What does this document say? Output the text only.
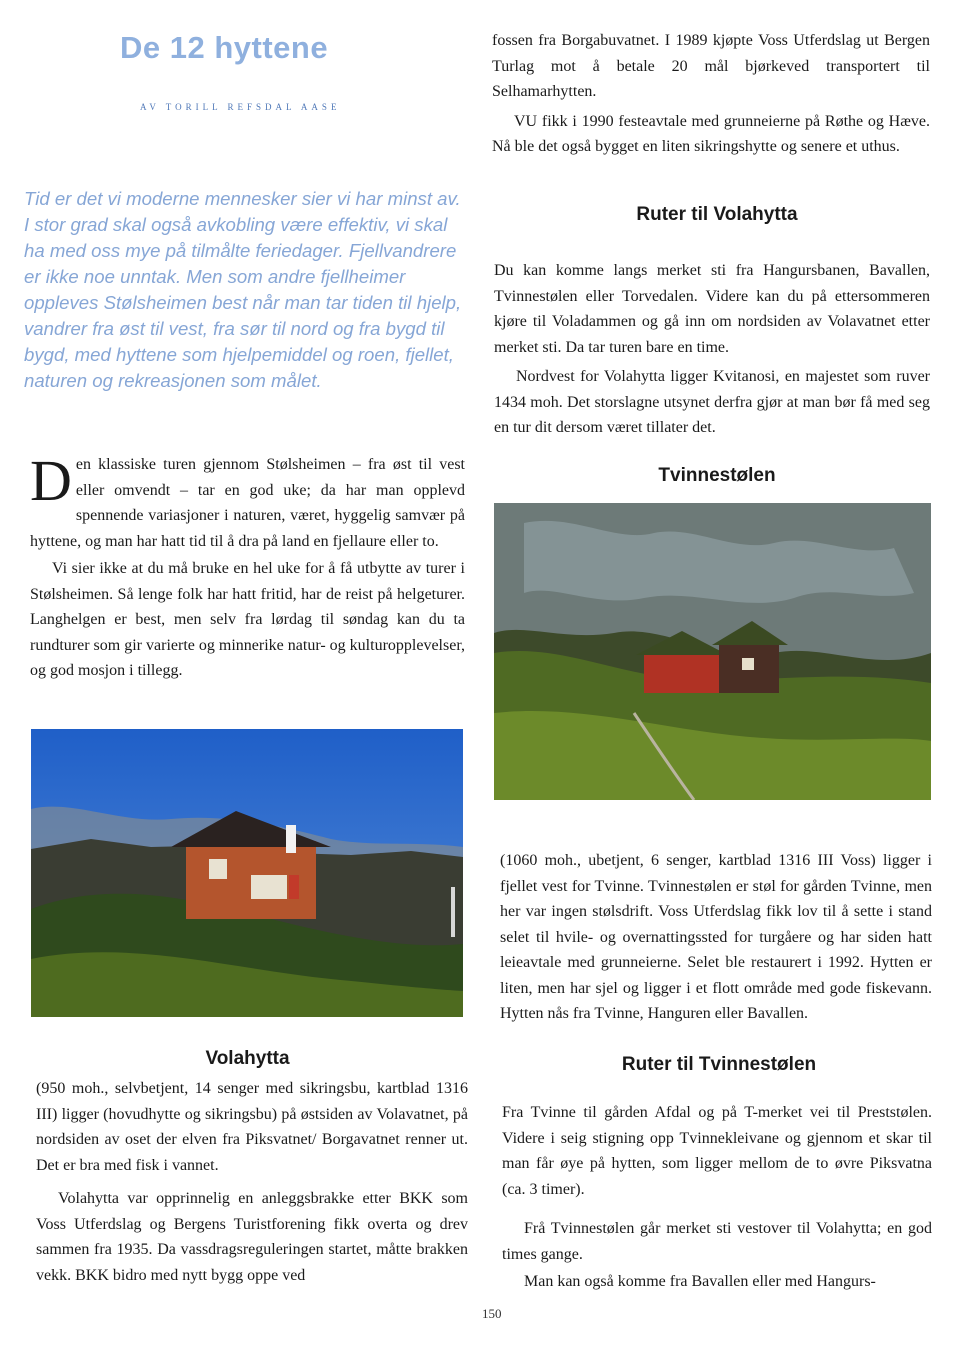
De 12 hyttene
AV TORILL REFSDAL AASE
Tid er det vi moderne mennesker sier vi har minst av. I stor grad skal også avkobling være effektiv, vi skal ha med oss mye på tilmålte feriedager. Fjellvandrere er ikke noe unntak. Men som andre fjellheimer oppleves Stølsheimen best når man tar tiden til hjelp, vandrer fra øst til vest, fra sør til nord og fra bygd til bygd, med hyttene som hjelpemiddel og roen, fjellet, naturen og rekreasjonen som målet.

Den klassiske turen gjennom Stølsheimen – fra øst til vest eller omvendt – tar en god uke; da har man opplevd spennende variasjoner i naturen, været, hyggelig samvær på hyttene, og man har hatt tid til å dra på land en fjellaure eller to.

Vi sier ikke at du må bruke en hel uke for å få utbytte av turer i Stølsheimen. Så lenge folk har hatt fritid, har de reist på helgeturer. Langhelgen er best, men selv fra lørdag til søndag kan du ta rundturer som gir varierte og minnerike natur- og kulturopplevelser, og god mosjon i tillegg.

Volahytta

(950 moh., selvbetjent, 14 senger med sikringsbu, kartblad 1316 III) ligger (hovudhytte og sikringsbu) på østsiden av Volavatnet, på nordsiden av oset der elven fra Piksvatnet/ Borgavatnet renner ut. Det er bra med fisk i vannet.

Volahytta var opprinnelig en anleggsbrakke etter BKK som Voss Utferdslag og Bergens Turistforening fikk overta og drev sammen fra 1935. Da vassdragsreguleringen startet, måtte brakken vekk. BKK bidro med nytt bygg oppe ved

fossen fra Borgabuvatnet. I 1989 kjøpte Voss Utferdslag ut Bergen Turlag mot å betale 20 mål bjørkeved transportert til Selhamarhytten.

VU fikk i 1990 festeavtale med grunneierne på Røthe og Hæve. Nå ble det også bygget en liten sikringshytte og senere et uthus.

Ruter til Volahytta

Du kan komme langs merket sti fra Hangursbanen, Bavallen, Tvinnestølen eller Torvedalen. Videre kan du på ettersommeren kjøre til Voladammen og gå inn om nordsiden av Volavatnet etter merket sti. Da tar turen bare en time.

Nordvest for Volahytta ligger Kvitanosi, en majestet som ruver 1434 moh. Det storslagne utsynet derfra gjør at man bør få med seg en tur dit dersom været tillater det.

Tvinnestølen

(1060 moh., ubetjent, 6 senger, kartblad 1316 III Voss) ligger i fjellet vest for Tvinne. Tvinnestølen er støl for gården Tvinne, men her var ingen stølsdrift. Voss Utferdslag fikk lov til å sette i stand selet til hvile- og overnattingssted for turgåere og har siden hatt leieavtale med grunneierne. Selet ble restaurert i 1992. Hytten er liten, men har sjel og ligger i et flott område med gode fiskevann. Hytten nås fra Tvinne, Hanguren eller Bavallen.

Ruter til Tvinnestølen

Fra Tvinne til gården Afdal og på T-merket vei til Preststølen. Videre i seig stigning opp Tvinnekleivane og gjennom et skar til man får øye på hytten, som ligger mellom de to øvre Piksvatna (ca. 3 timer).

Frå Tvinnestølen går merket sti vestover til Volahytta; en god times gange.

Man kan også komme fra Bavallen eller med Hangurs-

150
